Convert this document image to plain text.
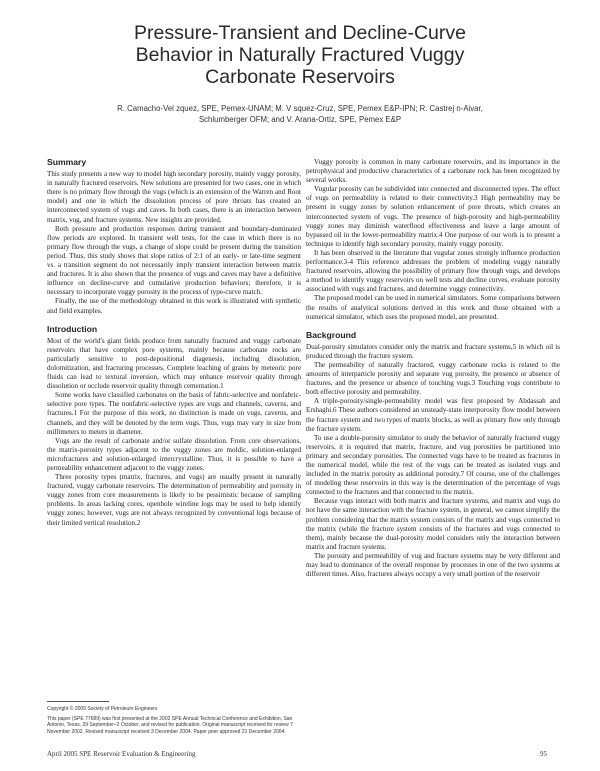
Pressure-Transient and Decline-Curve
Behavior in Naturally Fractured Vuggy
Carbonate Reservoirs
R. Camacho-Vel zquez, SPE, Pemex-UNAM; M. V squez-Cruz, SPE, Pemex E&P-IPN; R. Castrej n-Aivar,
Schlumberger OFM; and V. Arana-Ortiz, SPE, Pemex E&P
Summary

This study presents a new way to model high secondary porosity, mainly vuggy porosity, in naturally fractured reservoirs. New solutions are presented for two cases, one in which there is no primary flow through the vugs (which is an extension of the Warren and Root model) and one in which the dissolution process of pore throats has created an interconnected system of vugs and caves. In both cases, there is an interaction between matrix, vug, and fracture systems. New insights are provided.

Both pressure and production responses during transient and boundary-dominated flow periods are explored. In transient well tests, for the case in which there is no primary flow through the vugs, a change of slope could be present during the transition period. Thus, this study shows that slope ratios of 2:1 of an early- or late-time segment vs. a transition segment do not necessarily imply transient interaction between matrix and fractures. It is also shown that the presence of vugs and caves may have a definitive influence on decline-curve and cumulative production behaviors; therefore, it is necessary to incorporate vuggy porosity in the process of type-curve match.

Finally, the use of the methodology obtained in this work is illustrated with synthetic and field examples.

Introduction

Most of the world's giant fields produce from naturally fractured and vuggy carbonate reservoirs that have complex pore systems, mainly because carbonate rocks are particularly sensitive to post-depositional diagenesis, including dissolution, dolomitization, and fracturing processes. Complete leaching of grains by meteoric pore fluids can lead to textural inversion, which may enhance reservoir quality through dissolution or occlude reservoir quality through cementation.1

Some works have classified carbonates on the basis of fabric-selective and nonfabric-selective pore types. The nonfabric-selective types are vugs and channels, caverns, and fractures.1 For the purpose of this work, no distinction is made on vugs, caverns, and channels, and they will be denoted by the term vugs. Thus, vugs may vary in size from millimeters to meters in diameter.

Vugs are the result of carbonate and/or sulfate dissolution. From core observations, the matrix-porosity types adjacent to the vuggy zones are moldic, solution-enlarged microfractures and solution-enlarged intercrystalline. Thus, it is possible to have a permeability enhancement adjacent to the vuggy zones.

Three porosity types (matrix, fractures, and vugs) are usually present in naturally fractured, vuggy carbonate reservoirs. The determination of permeability and porosity in vuggy zones from core measurements is likely to be pessimistic because of sampling problems. In areas lacking cores, openhole wireline logs may be used to help identify vuggy zones; however, vugs are not always recognized by conventional logs because of their limited vertical resolution.2

Vuggy porosity is common in many carbonate reservoirs, and its importance in the petrophysical and productive characteristics of a carbonate rock has been recognized by several works.

Vugular porosity can be subdivided into connected and disconnected types. The effect of vugs on permeability is related to their connectivity.3 High permeability may be present in vuggy zones by solution enhancement of pore throats, which creates an interconnected system of vugs. The presence of high-porosity and high-permeability vuggy zones may diminish waterflood effectiveness and leave a large amount of bypassed oil in the lower-permeability matrix.4 One purpose of our work is to present a technique to identify high secondary porosity, mainly vuggy porosity.

It has been observed in the literature that vugular zones strongly influence production performance.3-4 This reference addresses the problem of modeling vuggy naturally fractured reservoirs, allowing the possibility of primary flow through vugs, and develops a method to identify vuggy reservoirs on well tests and decline curves, evaluate porosity associated with vugs and fractures, and determine vuggy connectivity.

The proposed model can be used in numerical simulators. Some comparisons between the results of analytical solutions derived in this work and those obtained with a numerical simulator, which uses the proposed model, are presented.

Background

Dual-porosity simulators consider only the matrix and fracture systems,5 in which oil is produced through the fracture system.

The permeability of naturally fractured, vuggy carbonate rocks is related to the amounts of interparticle porosity and separate vug porosity, the presence or absence of fractures, and the presence or absence of touching vugs.3 Touching vugs contribute to both effective porosity and permeability.

A triple-porosity/single-permeability model was first proposed by Abdassah and Ershaghi.6 These authors considered an unsteady-state interporosity flow model between the fracture system and two types of matrix blocks, as well as primary flow only through the fracture system.

To use a double-porosity simulator to study the behavior of naturally fractured vuggy reservoirs, it is required that matrix, fracture, and vug porosities be partitioned into primary and secondary porosities. The connected vugs have to be treated as fractures in the numerical model, while the rest of the vugs can be treated as isolated vugs and included in the matrix porosity as additional porosity.7 Of course, one of the challenges of modeling these reservoirs in this way is the determination of the percentage of vugs connected to the fractures and that connected to the matrix.

Because vugs interact with both matrix and fracture systems, and matrix and vugs do not have the same interaction with the fracture system, in general, we cannot simplify the problem considering that the matrix system consists of the matrix and vugs connected to the matrix (while the fracture system consists of the fractures and vugs connected to them), mainly because the dual-porosity model considers only the interaction between matrix and fracture systems.

The porosity and permeability of vug and fracture systems may be very different and may lead to dominance of the overall response by processes in one of the two systems at different times. Also, fractures always occupy a very small portion of the reservoir

Copyright © 2005 Society of Petroleum Engineers

This paper (SPE 77689) was first presented at the 2002 SPE Annual Technical Conference and Exhibition, San Antonio, Texas, 29 September–2 October, and revised for publication. Original manuscript received for review 7 November 2002. Revised manuscript received 3 December 2004. Paper peer approved 21 December 2004.

April 2005 SPE Reservoir Evaluation & Engineering	95
